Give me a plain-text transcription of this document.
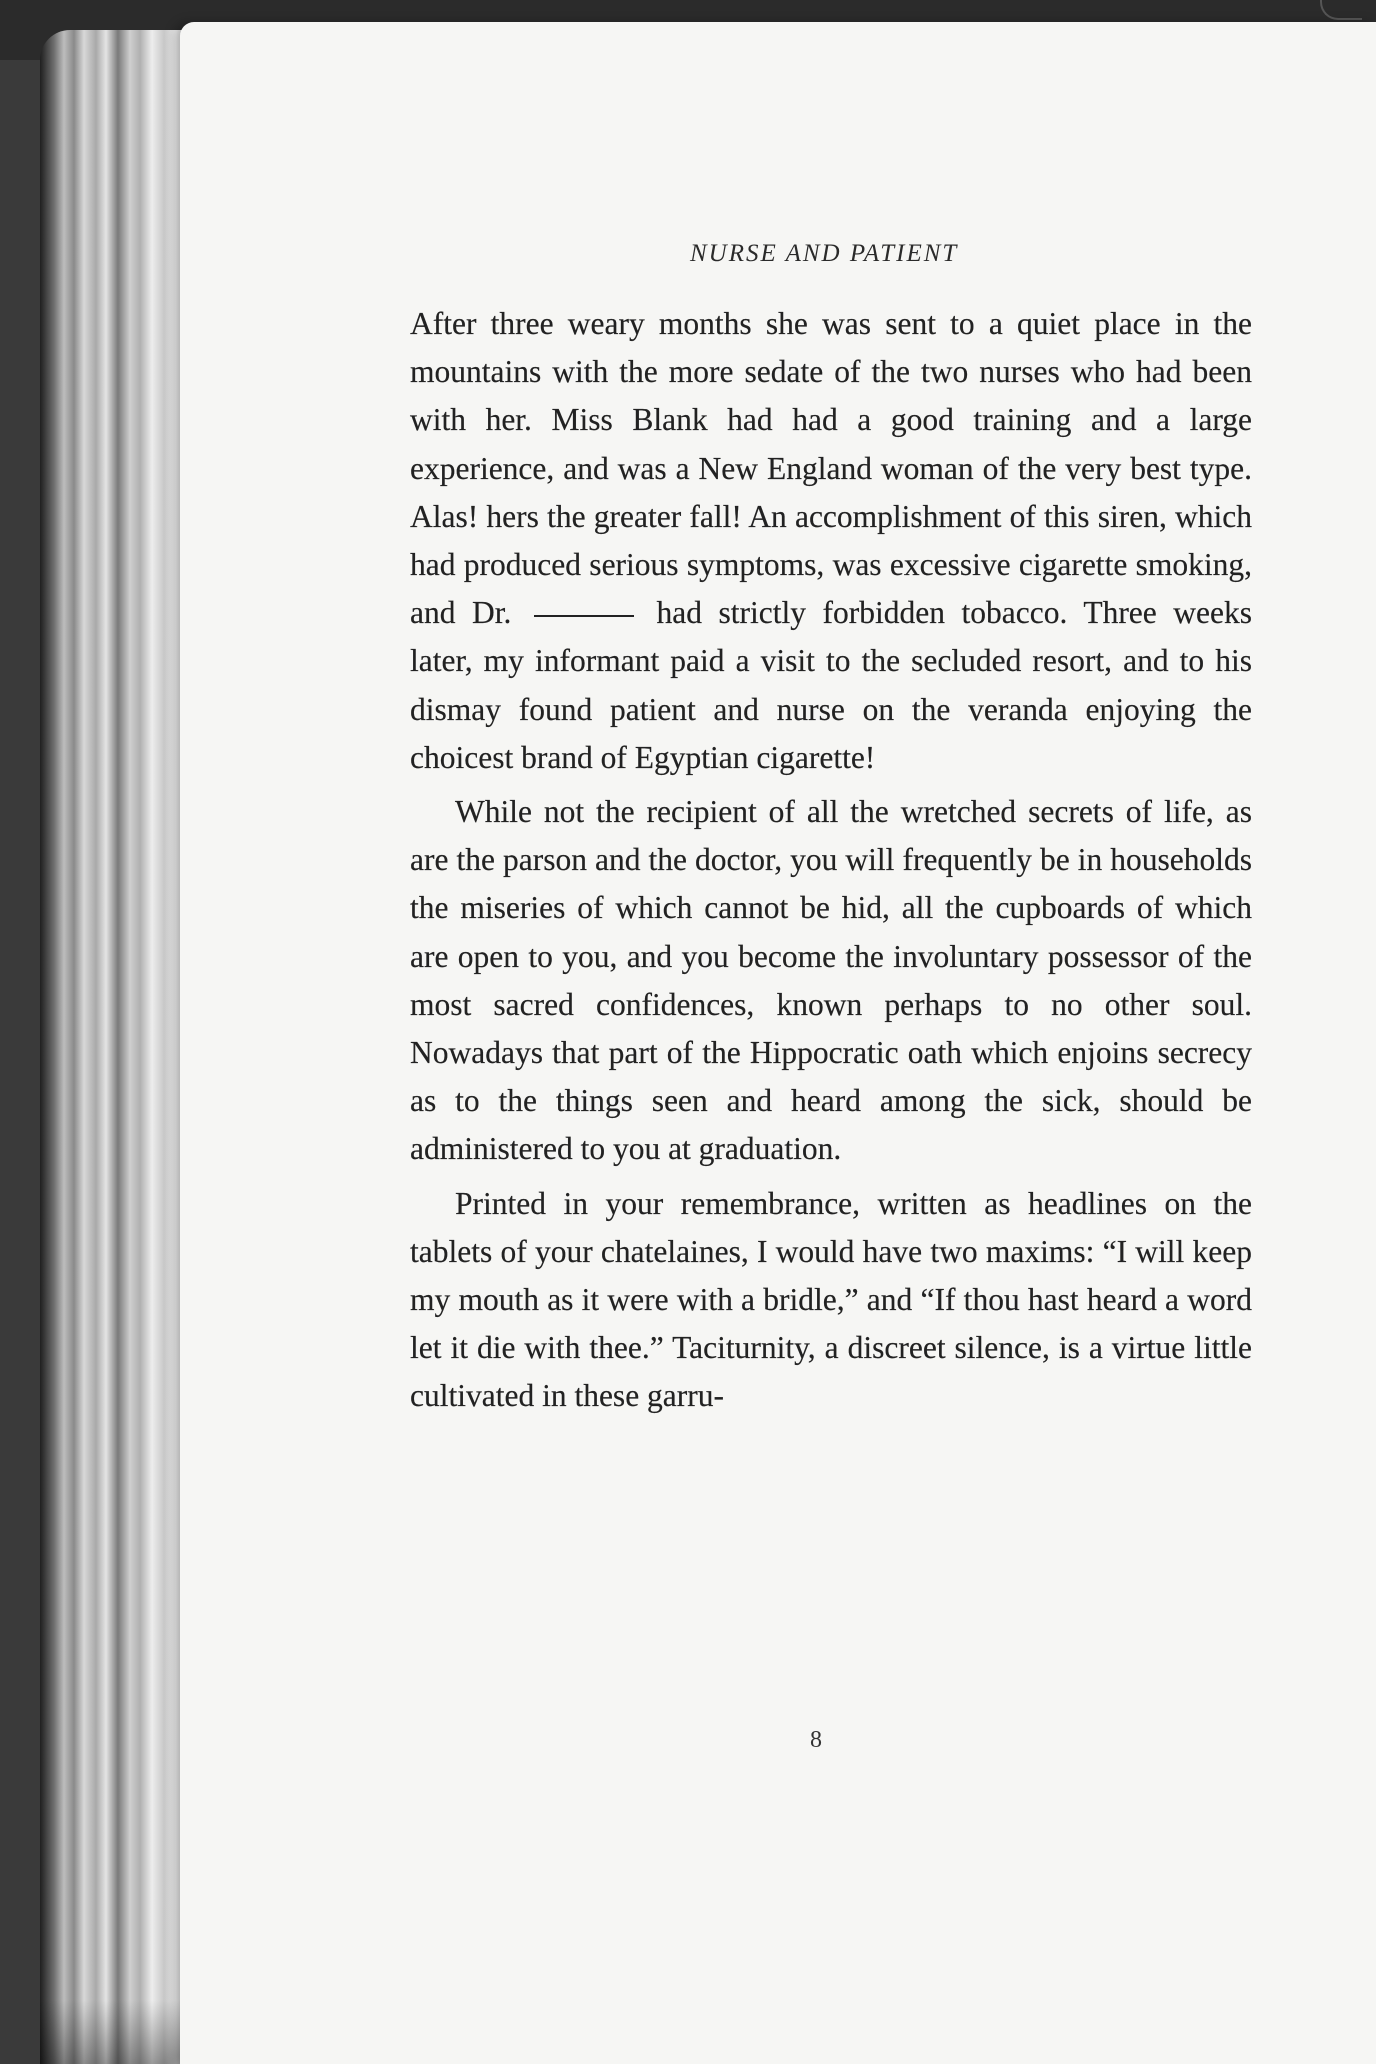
NURSE AND PATIENT

After three weary months she was sent to a quiet place in the mountains with the more sedate of the two nurses who had been with her. Miss Blank had had a good training and a large experience, and was a New England woman of the very best type. Alas! hers the greater fall! An accomplishment of this siren, which had produced serious symptoms, was excessive cigarette smoking, and Dr.	had strictly forbidden tobacco. Three weeks later, my informant paid a visit to the secluded resort, and to his dismay found patient and nurse on the veranda enjoying the choicest brand of Egyptian cigarette!

While not the recipient of all the wretched secrets of life, as are the parson and the doctor, you will frequently be in households the miseries of which cannot be hid, all the cupboards of which are open to you, and you become the involuntary possessor of the most sacred confidences, known perhaps to no other soul. Nowadays that part of the Hippocratic oath which enjoins secrecy as to the things seen and heard among the sick, should be administered to you at graduation.

Printed in your remembrance, written as headlines on the tablets of your chatelaines, I would have two maxims: “I will keep my mouth as it were with a bridle,” and “If thou hast heard a word let it die with thee.” Taciturnity, a discreet silence, is a virtue little cultivated in these garru-

8
